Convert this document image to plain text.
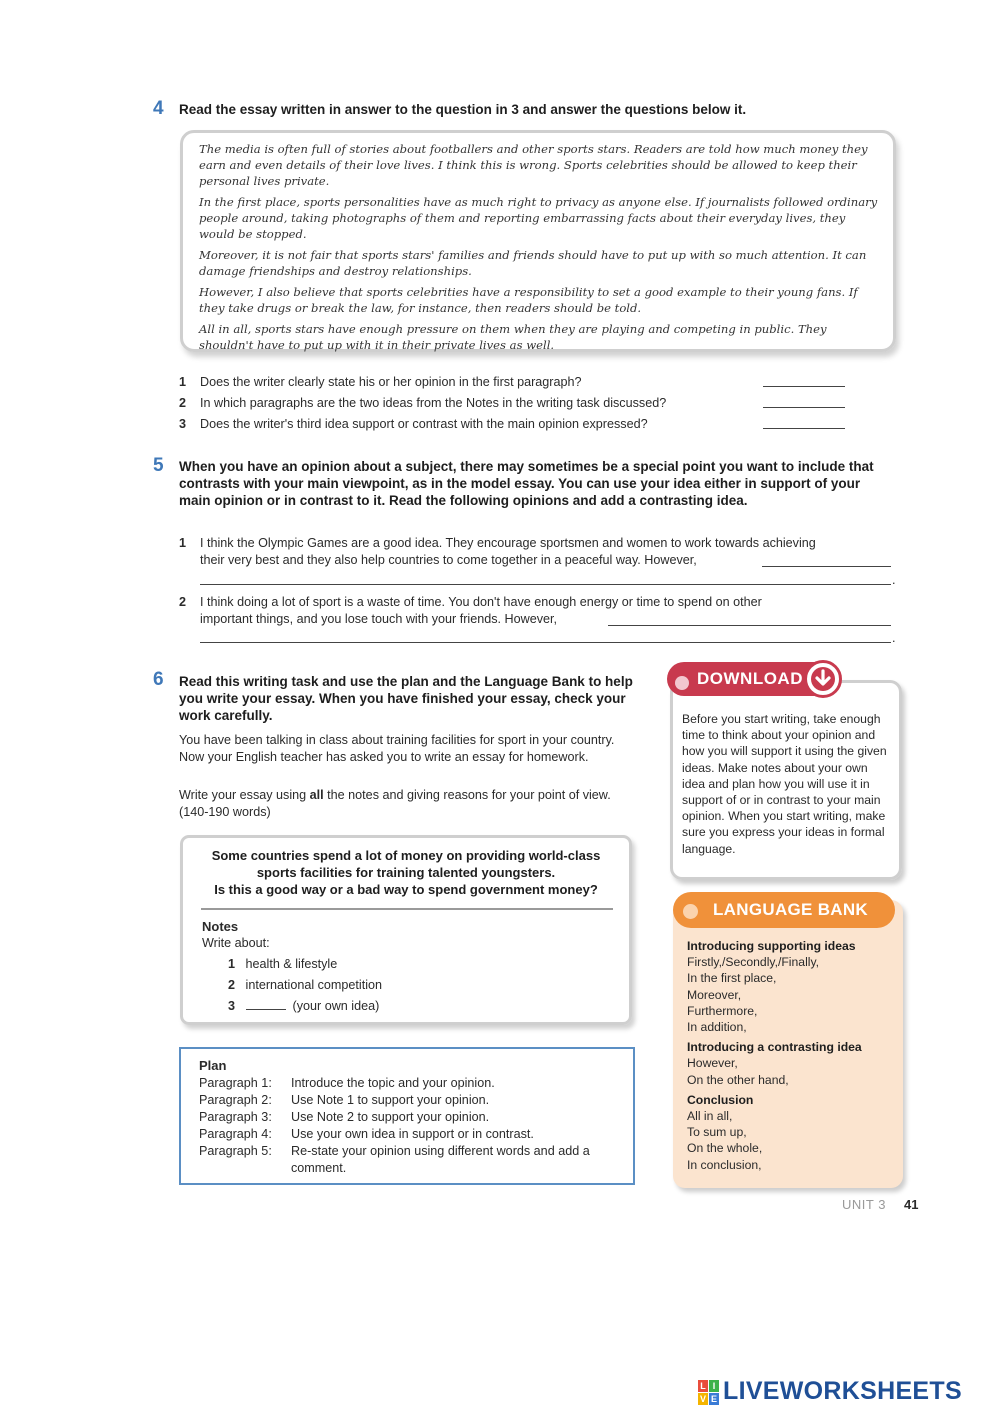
4 Read the essay written in answer to the question in 3 and answer the questions below it.

The media is often full of stories about footballers and other sports stars. Readers are told how much money they earn and even details of their love lives. I think this is wrong. Sports celebrities should be allowed to keep their personal lives private.

In the first place, sports personalities have as much right to privacy as anyone else. If journalists followed ordinary people around, taking photographs of them and reporting embarrassing facts about their everyday lives, they would be stopped.

Moreover, it is not fair that sports stars' families and friends should have to put up with so much attention. It can damage friendships and destroy relationships.

However, I also believe that sports celebrities have a responsibility to set a good example to their young fans. If they take drugs or break the law, for instance, then readers should be told.

All in all, sports stars have enough pressure on them when they are playing and competing in public. They shouldn't have to put up with it in their private lives as well.

1 Does the writer clearly state his or her opinion in the first paragraph?
2 In which paragraphs are the two ideas from the Notes in the writing task discussed?
3 Does the writer's third idea support or contrast with the main opinion expressed?
5 When you have an opinion about a subject, there may sometimes be a special point you want to include that contrasts with your main viewpoint, as in the model essay. You can use your idea either in support of your main opinion or in contrast to it. Read the following opinions and add a contrasting idea.
1 I think the Olympic Games are a good idea. They encourage sportsmen and women to work towards achieving
their very best and they also help countries to come together in a peaceful way. However,
.
2 I think doing a lot of sport is a waste of time. You don't have enough energy or time to spend on other
important things, and you lose touch with your friends. However,
.
6 Read this writing task and use the plan and the Language Bank to help you write your essay. When you have finished your essay, check your work carefully.
You have been talking in class about training facilities for sport in your country. Now your English teacher has asked you to write an essay for homework.
Write your essay using all the notes and giving reasons for your point of view. (140-190 words)
Some countries spend a lot of money on providing world-class
sports facilities for training talented youngsters.
Is this a good way or a bad way to spend government money?
Notes
Write about:
1 health & lifestyle
2 international competition
3	(your own idea)
Plan
Paragraph 1:	Introduce the topic and your opinion.
Paragraph 2:	Use Note 1 to support your opinion.
Paragraph 3:	Use Note 2 to support your opinion.
Paragraph 4:	Use your own idea in support or in contrast.
Paragraph 5:	Re-state your opinion using different words and add a comment.
Before you start writing, take enough time to think about your opinion and how you will support it using the given ideas. Make notes about your own idea and plan how you will use it in support of or in contrast to your main opinion. When you start writing, make sure you express your ideas in formal language.
DOWNLOAD
Introducing supporting ideas
Firstly,/Secondly,/Finally,
In the first place,
Moreover,
Furthermore,
In addition,
Introducing a contrasting idea
However,
On the other hand,
Conclusion
All in all,
To sum up,
On the whole,
In conclusion,
LANGUAGE BANK
UNIT 3 41
L I
V E LIVEWORKSHEETS
